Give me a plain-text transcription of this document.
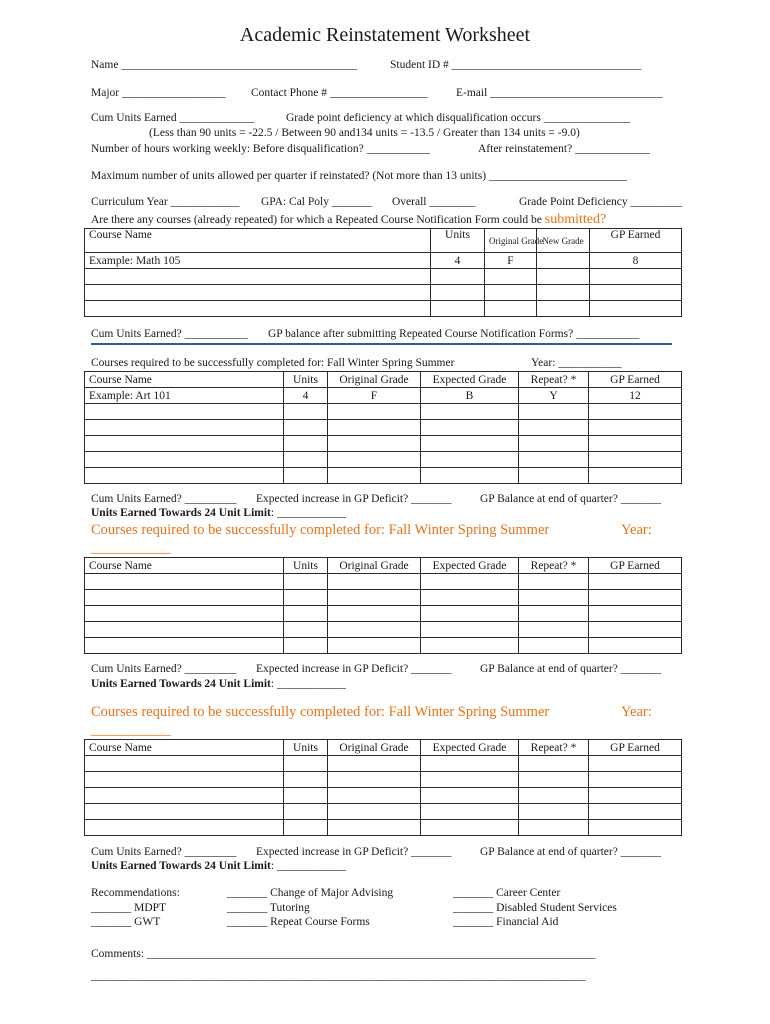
Academic Reinstatement Worksheet
Name _________________________________________	Student ID # _________________________________
Major __________________ Contact Phone # _________________ E-mail ______________________________
Cum Units Earned _____________	Grade point deficiency at which disqualification occurs _______________
(Less than 90 units = -22.5 / Between 90 and134 units = -13.5 / Greater than 134 units = -9.0)
Number of hours working weekly: Before disqualification? ___________	After reinstatement? _____________
Maximum number of units allowed per quarter if reinstated? (Not more than 13 units) ________________________
Curriculum Year ____________ GPA: Cal Poly _______ Overall ________	Grade Point Deficiency _________
Are there any courses (already repeated) for which a Repeated Course Notification Form could be submitted?
Course Name	Units	Original Grade	New Grade	GP Earned
Example: Math 105	4	F		8

Cum Units Earned? ___________ GP balance after submitting Repeated Course Notification Forms? ___________
Courses required to be successfully completed for: Fall Winter Spring Summer	Year: ___________
Course Name	Units	Original Grade	Expected Grade	Repeat? *	GP Earned
Example: Art 101	4	F	B	Y	12

Cum Units Earned? _________ Expected increase in GP Deficit? _______ GP Balance at end of quarter? _______
Units Earned Towards 24 Unit Limit: ____________
Courses required to be successfully completed for: Fall Winter Spring Summer	Year:
___________
Course Name	Units	Original Grade	Expected Grade	Repeat? *	GP Earned

Cum Units Earned? _________ Expected increase in GP Deficit? _______ GP Balance at end of quarter? _______
Units Earned Towards 24 Unit Limit: ____________
Courses required to be successfully completed for: Fall Winter Spring Summer	Year:
___________
Course Name	Units	Original Grade	Expected Grade	Repeat? *	GP Earned

Cum Units Earned? _________ Expected increase in GP Deficit? _______ GP Balance at end of quarter? _______
Units Earned Towards 24 Unit Limit: ____________
Recommendations:
_______ MDPT
_______ GWT
_______ Change of Major Advising
_______ Tutoring
_______ Repeat Course Forms
_______ Career Center
_______ Disabled Student Services
_______ Financial Aid
Comments: ______________________________________________________________________________
______________________________________________________________________________________
